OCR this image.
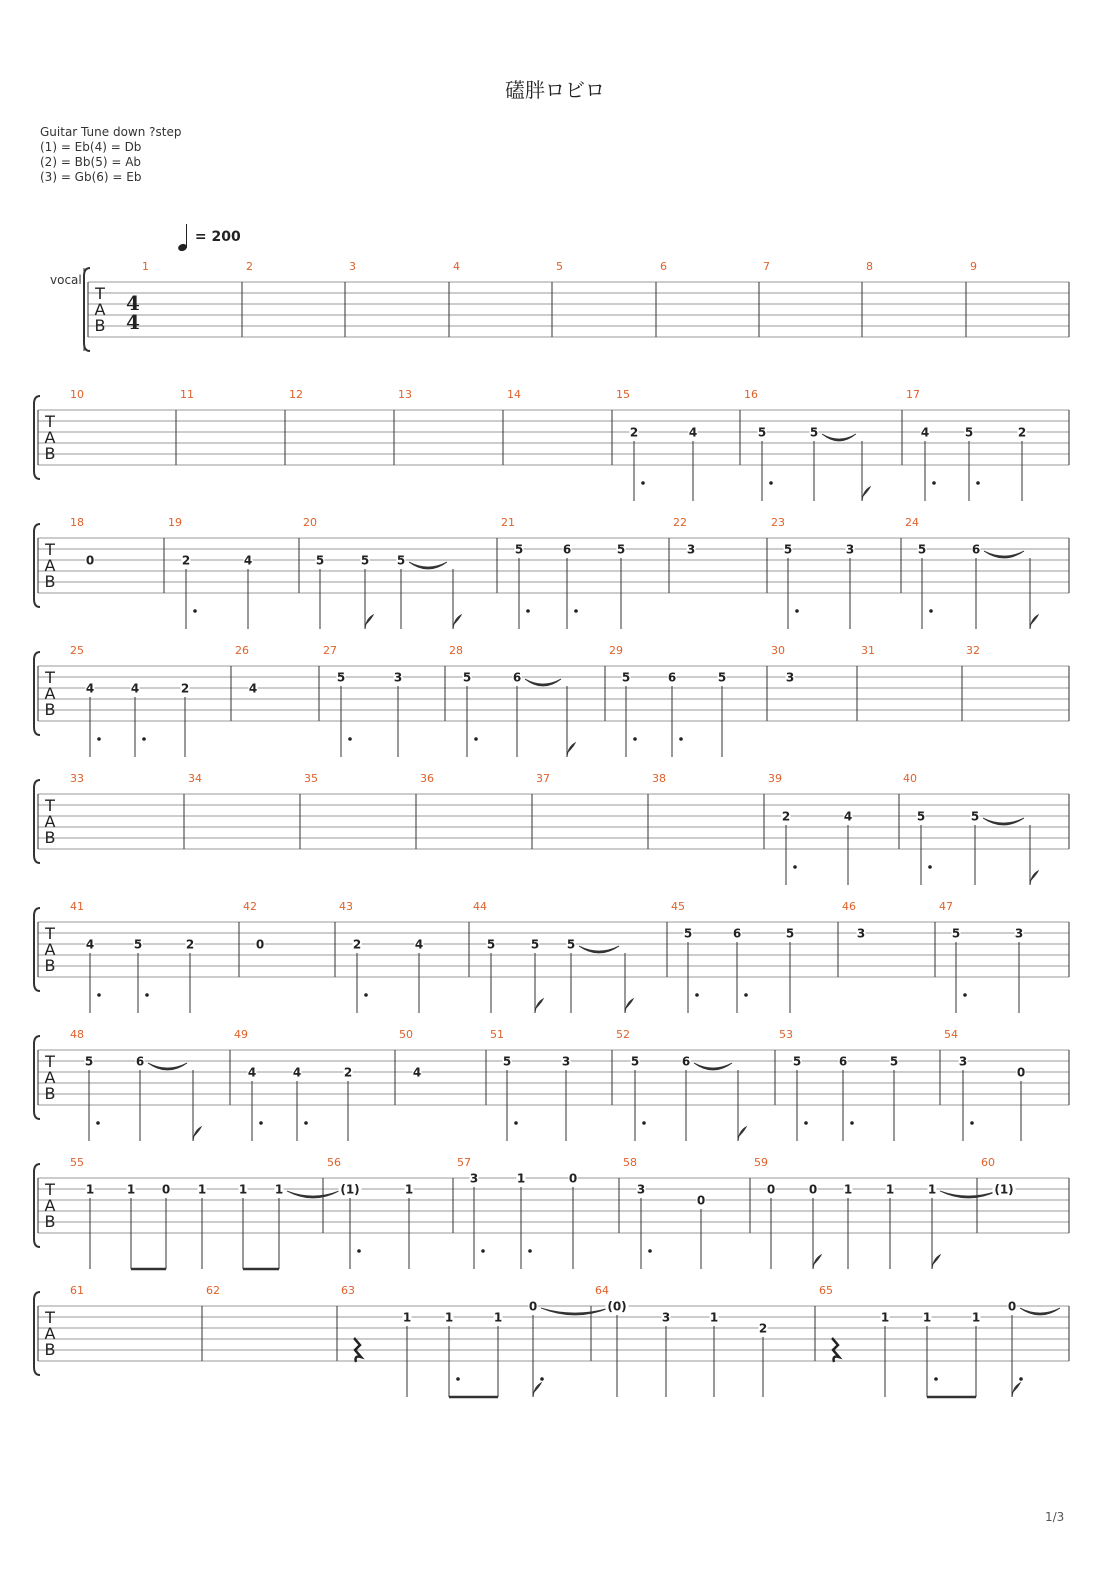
礚胖ロビロ
Guitar Tune down ?step
(1) = Eb(4) = Db
(2) = Bb(5) = Ab
(3) = Gb(6) = Eb
= 200
vocal
T
A
B
4
4
1	2	3	4	5	6	7	8	9
T
A
B
10	11	12	13	14	15
2	4
16
5	5
17
4	5	2
T
A
B
18
0
19
2	4
20
5	5 5
21
5	6	5
22
3
23
5	3
24
5	6
T
A
B
25
4	4	2
26
4
27
5	3
28
5	6
29
5	6	5
30
3
31	32
T
A
B
33	34	35	36	37	38	39
2	4
40
5	5
T
A
B
41
4	5	2
42
0
43
2	4
44
5	5 5
45
5	6	5
46
3
47
5	3
T
A
B
48
5	6
49
4	4	2
50
4
51
5	3
52
5	6
53
5	6	5
54
3
0
T
A
B
55
1	1 0 1	1 1
56
(1)	1
57
3	1	0
58
3
0
59
0	0 1	1	1
60
(1)
T
A
B
61	62	63
1	1	1
0
64
(0)
3	1
2
65
1	1	1
0
1/3
